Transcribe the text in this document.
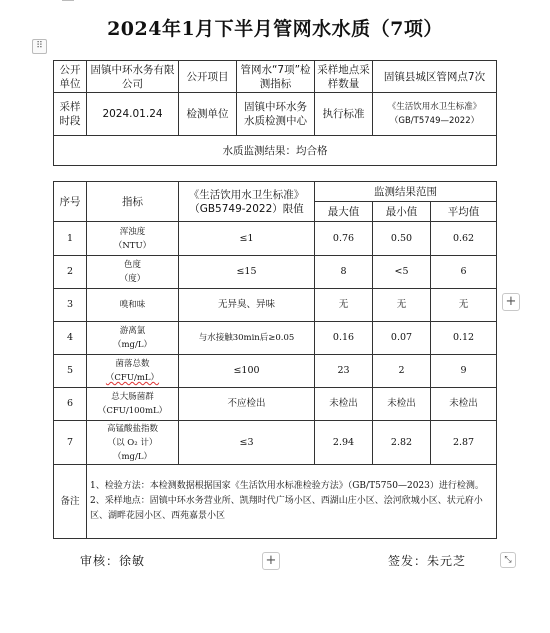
2024年1月下半月管网水水质（7项）
⠿
公开单位	固镇中环水务有限公司	公开项目	管网水“7项”检测指标	采样地点采样数量	固镇县城区管网点7次
采样时段	2024.01.24	检测单位	固镇中环水务水质检测中心	执行标准	《生活饮用水卫生标准》（GB/T5749—2022）
水质监测结果：均合格					
序号	指标	《生活饮用水卫生标准》（GB5749-2022）限值	监测结果范围		
			最大值	最小值	平均值
1	浑浊度
（NTU）	≤1	0.76	0.50	0.62
2	色度
（度）	≤15	8	<5	6
3	嗅和味	无异臭、异味	无	无	无
4	游离氯
（mg/L）	与水接触30min后≥0.05	0.16	0.07	0.12
5	菌落总数
（CFU/mL）	≤100	23	2	9
6	总大肠菌群
（CFU/100mL）	不应检出	未检出	未检出	未检出
7	高锰酸盐指数
（以 O₂ 计）
（mg/L）	≤3	2.94	2.82	2.87
备注	1、检验方法：本检测数据根据国家《生活饮用水标准检验方法》（GB/T5750—2023）进行检测。
2、采样地点：固镇中环水务营业所、凯翔时代广场小区、西湖山庄小区、浍河欣城小区、状元府小区、湖畔花园小区、西苑嘉景小区				
+
审核：徐敏	+	签发：朱元芝	⤡
